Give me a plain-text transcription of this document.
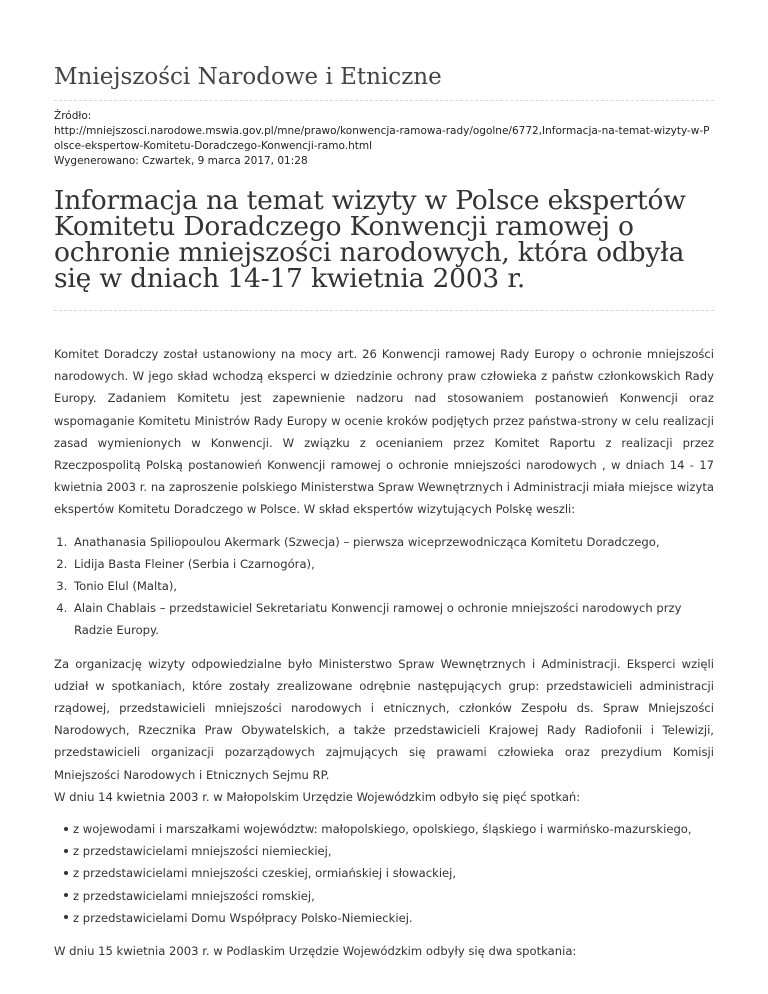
Mniejszości Narodowe i Etniczne
Źródło:
http://mniejszosci.narodowe.mswia.gov.pl/mne/prawo/konwencja-ramowa-rady/ogolne/6772,Informacja-na-temat-wizyty-w-Polsce-ekspertow-Komitetu-Doradczego-Konwencji-ramo.html
Wygenerowano: Czwartek, 9 marca 2017, 01:28
Informacja na temat wizyty w Polsce ekspertów Komitetu Doradczego Konwencji ramowej o ochronie mniejszości narodowych, która odbyła się w dniach 14-17 kwietnia 2003 r.

Komitet Doradczy został ustanowiony na mocy art. 26 Konwencji ramowej Rady Europy o ochronie mniejszości narodowych. W jego skład wchodzą eksperci w dziedzinie ochrony praw człowieka z państw członkowskich Rady Europy. Zadaniem Komitetu jest zapewnienie nadzoru nad stosowaniem postanowień Konwencji oraz wspomaganie Komitetu Ministrów Rady Europy w ocenie kroków podjętych przez państwa-strony w celu realizacji zasad wymienionych w Konwencji. W związku z ocenianiem przez Komitet Raportu z realizacji przez Rzeczpospolitą Polską postanowień Konwencji ramowej o ochronie mniejszości narodowych , w dniach 14 - 17 kwietnia 2003 r. na zaproszenie polskiego Ministerstwa Spraw Wewnętrznych i Administracji miała miejsce wizyta ekspertów Komitetu Doradczego w Polsce. W skład ekspertów wizytujących Polskę weszli:

1. Anathanasia Spiliopoulou Akermark (Szwecja) – pierwsza wiceprzewodnicząca Komitetu Doradczego,
2. Lidija Basta Fleiner (Serbia i Czarnogóra),
3. Tonio Elul (Malta),
4. Alain Chablais – przedstawiciel Sekretariatu Konwencji ramowej o ochronie mniejszości narodowych przy Radzie Europy.

Za organizację wizyty odpowiedzialne było Ministerstwo Spraw Wewnętrznych i Administracji. Eksperci wzięli udział w spotkaniach, które zostały zrealizowane odrębnie następujących grup: przedstawicieli administracji rządowej, przedstawicieli mniejszości narodowych i etnicznych, członków Zespołu ds. Spraw Mniejszości Narodowych, Rzecznika Praw Obywatelskich, a także przedstawicieli Krajowej Rady Radiofonii i Telewizji, przedstawicieli organizacji pozarządowych zajmujących się prawami człowieka oraz prezydium Komisji Mniejszości Narodowych i Etnicznych Sejmu RP.

W dniu 14 kwietnia 2003 r. w Małopolskim Urzędzie Wojewódzkim odbyło się pięć spotkań:

z wojewodami i marszałkami województw: małopolskiego, opolskiego, śląskiego i warmińsko-mazurskiego,
z przedstawicielami mniejszości niemieckiej,
z przedstawicielami mniejszości czeskiej, ormiańskiej i słowackiej,
z przedstawicielami mniejszości romskiej,
z przedstawicielami Domu Współpracy Polsko-Niemieckiej.
W dniu 15 kwietnia 2003 r. w Podlaskim Urzędzie Wojewódzkim odbyły się dwa spotkania:
